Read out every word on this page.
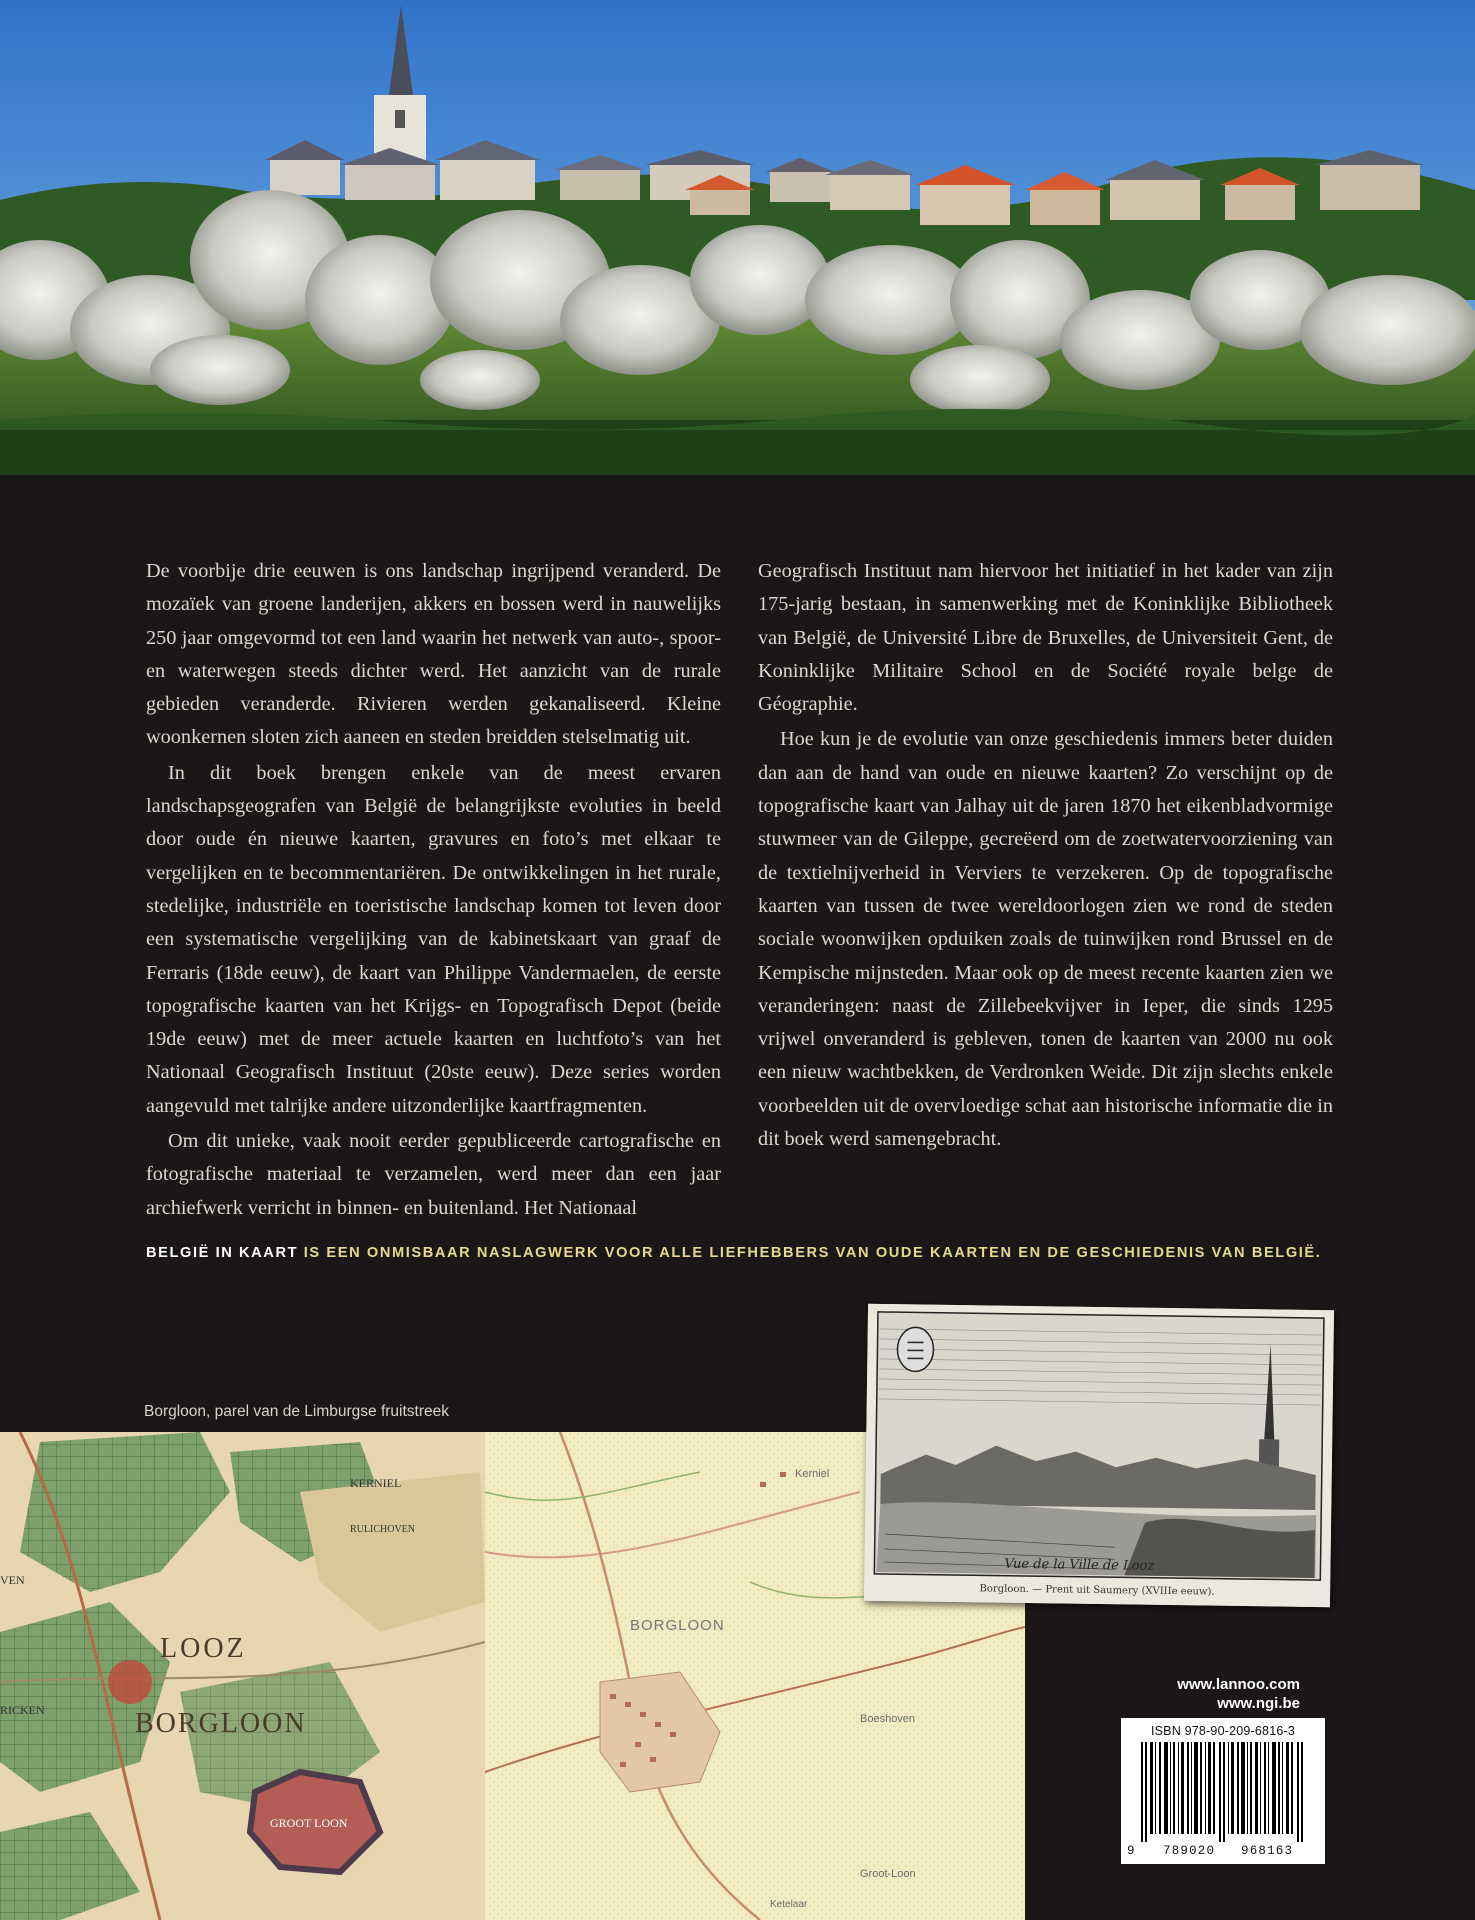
De voorbije drie eeuwen is ons landschap ingrijpend veranderd. De mozaïek van groene landerijen, akkers en bossen werd in nauwelijks 250 jaar omgevormd tot een land waarin het netwerk van auto-, spoor- en waterwegen steeds dichter werd. Het aanzicht van de rurale gebieden veranderde. Rivieren werden gekanaliseerd. Kleine woonkernen sloten zich aaneen en steden breidden stelselmatig uit.

In dit boek brengen enkele van de meest ervaren landschapsgeografen van België de belangrijkste evoluties in beeld door oude én nieuwe kaarten, gravures en foto’s met elkaar te vergelijken en te becommentariëren. De ontwikkelingen in het rurale, stedelijke, industriële en toeristische landschap komen tot leven door een systematische vergelijking van de kabinetskaart van graaf de Ferraris (18de eeuw), de kaart van Philippe Vandermaelen, de eerste topografische kaarten van het Krijgs- en Topografisch Depot (beide 19de eeuw) met de meer actuele kaarten en luchtfoto’s van het Nationaal Geografisch Instituut (20ste eeuw). Deze series worden aangevuld met talrijke andere uitzonderlijke kaartfragmenten.

Om dit unieke, vaak nooit eerder gepubliceerde cartografische en fotografische materiaal te verzamelen, werd meer dan een jaar archiefwerk verricht in binnen- en buitenland. Het Nationaal

Geografisch Instituut nam hiervoor het initiatief in het kader van zijn 175-jarig bestaan, in samenwerking met de Koninklijke Bibliotheek van België, de Université Libre de Bruxelles, de Universiteit Gent, de Koninklijke Militaire School en de Société royale belge de Géographie.

Hoe kun je de evolutie van onze geschiedenis immers beter duiden dan aan de hand van oude en nieuwe kaarten? Zo verschijnt op de topografische kaart van Jalhay uit de jaren 1870 het eikenbladvormige stuwmeer van de Gileppe, gecreëerd om de zoetwatervoorziening van de textielnijverheid in Verviers te verzekeren. Op de topografische kaarten van tussen de twee wereldoorlogen zien we rond de steden sociale woonwijken opduiken zoals de tuinwijken rond Brussel en de Kempische mijnsteden. Maar ook op de meest recente kaarten zien we veranderingen: naast de Zillebeekvijver in Ieper, die sinds 1295 vrijwel onveranderd is gebleven, tonen de kaarten van 2000 nu ook een nieuw wachtbekken, de Verdronken Weide. Dit zijn slechts enkele voorbeelden uit de overvloedige schat aan historische informatie die in dit boek werd samengebracht.

BELGIË IN KAART IS EEN ONMISBAAR NASLAGWERK VOOR ALLE LIEFHEBBERS VAN OUDE KAARTEN EN DE GESCHIEDENIS VAN BELGIË.
Borgloon, parel van de Limburgse fruitstreek
KERNIEL
RULICHOVEN
LOOZ
BORGLOON
GROOT LOON
VEN
RICKEN
Kerniel
BORGLOON
Boeshoven
Groot-Loon
Ketelaar
Vue de la Ville de Looz
Borgloon. — Prent uit Saumery (XVIIIe eeuw).
www.lannoo.com
www.ngi.be
ISBN 978-90-209-6816-3
9 789020 968163
